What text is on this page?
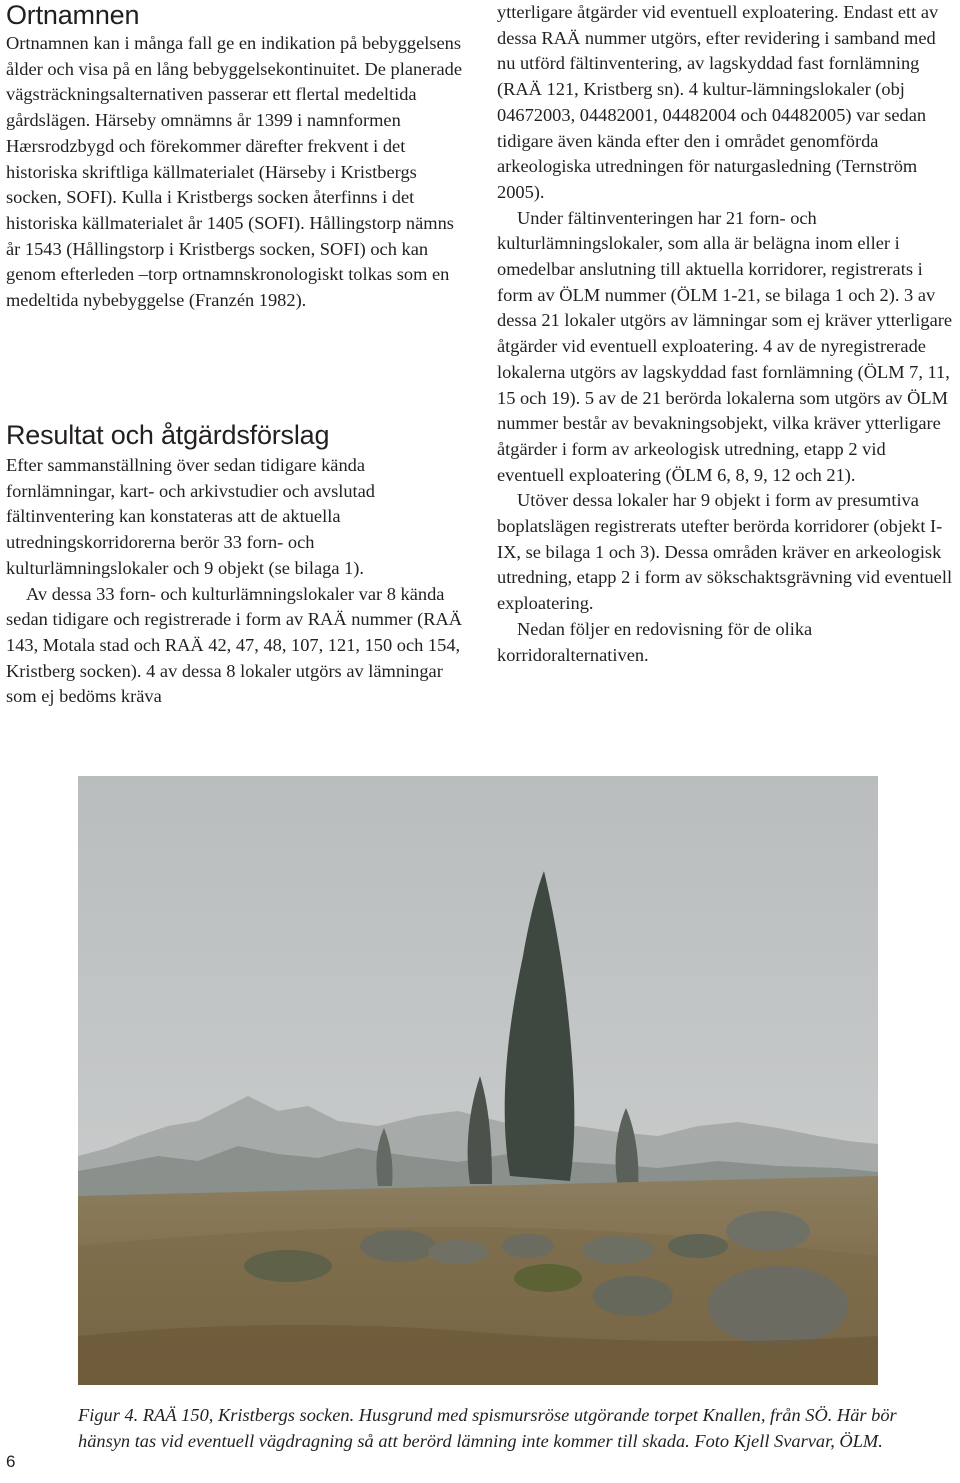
Ortnamnen

Ortnamnen kan i många fall ge en indikation på bebyggelsens ålder och visa på en lång bebyggelsekontinuitet. De planerade vägsträckningsalternativen passerar ett flertal medeltida gårdslägen. Härseby omnämns år 1399 i namnformen Hærsrodzbygd och förekommer därefter frekvent i det historiska skriftliga källmaterialet (Härseby i Kristbergs socken, SOFI). Kulla i Kristbergs socken återfinns i det historiska källmaterialet år 1405 (SOFI). Hållingstorp nämns år 1543 (Hållingstorp i Kristbergs socken, SOFI) och kan genom efterleden –torp ortnamnskronologiskt tolkas som en medeltida nybebyggelse (Franzén 1982).

Resultat och åtgärdsförslag

Efter sammanställning över sedan tidigare kända fornlämningar, kart- och arkivstudier och avslutad fältinventering kan konstateras att de aktuella utredningskorridorerna berör 33 forn- och kulturlämningslokaler och 9 objekt (se bilaga 1).

Av dessa 33 forn- och kulturlämningslokaler var 8 kända sedan tidigare och registrerade i form av RAÄ nummer (RAÄ 143, Motala stad och RAÄ 42, 47, 48, 107, 121, 150 och 154, Kristberg socken). 4 av dessa 8 lokaler utgörs av lämningar som ej bedöms kräva

ytterligare åtgärder vid eventuell exploatering. Endast ett av dessa RAÄ nummer utgörs, efter revidering i samband med nu utförd fältinventering, av lagskyddad fast fornlämning (RAÄ 121, Kristberg sn). 4 kultur-lämningslokaler (obj 04672003, 04482001, 04482004 och 04482005) var sedan tidigare även kända efter den i området genomförda arkeologiska utredningen för naturgasledning (Ternström 2005).

Under fältinventeringen har 21 forn- och kulturlämningslokaler, som alla är belägna inom eller i omedelbar anslutning till aktuella korridorer, registrerats i form av ÖLM nummer (ÖLM 1-21, se bilaga 1 och 2). 3 av dessa 21 lokaler utgörs av lämningar som ej kräver ytterligare åtgärder vid eventuell exploatering. 4 av de nyregistrerade lokalerna utgörs av lagskyddad fast fornlämning (ÖLM 7, 11, 15 och 19). 5 av de 21 berörda lokalerna som utgörs av ÖLM nummer består av bevakningsobjekt, vilka kräver ytterligare åtgärder i form av arkeologisk utredning, etapp 2 vid eventuell exploatering (ÖLM 6, 8, 9, 12 och 21).

Utöver dessa lokaler har 9 objekt i form av presumtiva boplatslägen registrerats utefter berörda korridorer (objekt I-IX, se bilaga 1 och 3). Dessa områden kräver en arkeologisk utredning, etapp 2 i form av sökschaktsgrävning vid eventuell exploatering.

Nedan följer en redovisning för de olika korridoralternativen.

Figur 4. RAÄ 150, Kristbergs socken. Husgrund med spismursröse utgörande torpet Knallen, från SÖ. Här bör hänsyn tas vid eventuell vägdragning så att berörd lämning inte kommer till skada. Foto Kjell Svarvar, ÖLM.

6
